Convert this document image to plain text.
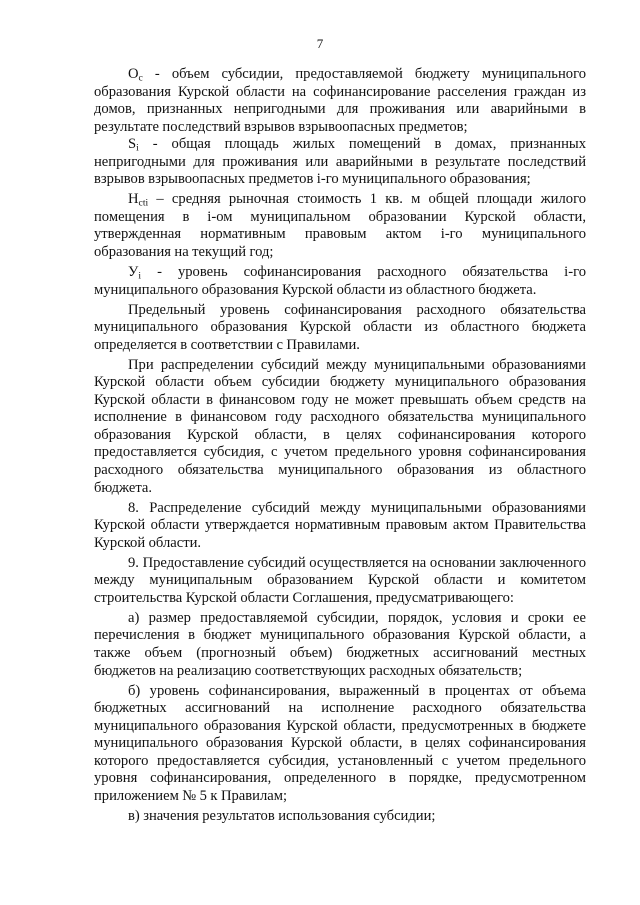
7

$О_с$ - объем субсидии, предоставляемой бюджету муниципального образования Курской области на софинансирование расселения граждан из домов, признанных непригодными для проживания или аварийными в результате последствий взрывов взрывоопасных предметов;

$S_i$ - общая площадь жилых помещений в домах, признанных непригодными для проживания или аварийными в результате последствий взрывов взрывоопасных предметов i-го муниципального образования;

$Н_{сti}$ – средняя рыночная стоимость 1 кв. м общей площади жилого помещения в i-ом муниципальном образовании Курской области, утвержденная нормативным правовым актом i-го муниципального образования на текущий год;

$У_i$ - уровень софинансирования расходного обязательства i-го муниципального образования Курской области из областного бюджета.

Предельный уровень софинансирования расходного обязательства муниципального образования Курской области из областного бюджета определяется в соответствии с Правилами.

При распределении субсидий между муниципальными образованиями Курской области объем субсидии бюджету муниципального образования Курской области в финансовом году не может превышать объем средств на исполнение в финансовом году расходного обязательства муниципального образования Курской области, в целях софинансирования которого предоставляется субсидия, с учетом предельного уровня софинансирования расходного обязательства муниципального образования из областного бюджета.

8. Распределение субсидий между муниципальными образованиями Курской области утверждается нормативным правовым актом Правительства Курской области.

9. Предоставление субсидий осуществляется на основании заключенного между муниципальным образованием Курской области и комитетом строительства Курской области Соглашения, предусматривающего:

а) размер предоставляемой субсидии, порядок, условия и сроки ее перечисления в бюджет муниципального образования Курской области, а также объем (прогнозный объем) бюджетных ассигнований местных бюджетов на реализацию соответствующих расходных обязательств;

б) уровень софинансирования, выраженный в процентах от объема бюджетных ассигнований на исполнение расходного обязательства муниципального образования Курской области, предусмотренных в бюджете муниципального образования Курской области, в целях софинансирования которого предоставляется субсидия, установленный с учетом предельного уровня софинансирования, определенного в порядке, предусмотренном приложением № 5 к Правилам;

в) значения результатов использования субсидии;
